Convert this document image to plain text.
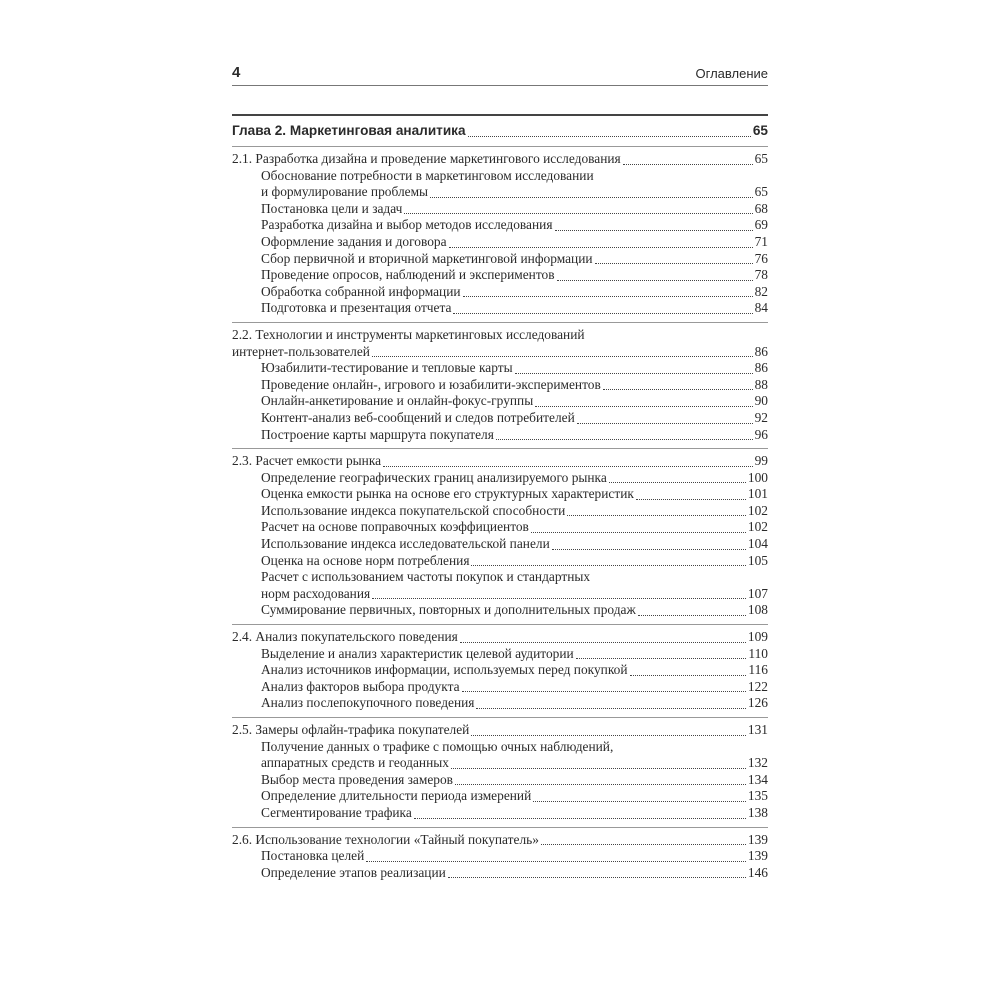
4	Оглавление
Глава 2. Маркетинговая аналитика	65
2.1. Разработка дизайна и проведение маркетингового исследования	65
Обоснование потребности в маркетинговом исследовании
и формулирование проблемы	65
Постановка цели и задач	68
Разработка дизайна и выбор методов исследования	69
Оформление задания и договора	71
Сбор первичной и вторичной маркетинговой информации	76
Проведение опросов, наблюдений и экспериментов	78
Обработка собранной информации	82
Подготовка и презентация отчета	84
2.2. Технологии и инструменты маркетинговых исследований
интернет-пользователей	86
Юзабилити-тестирование и тепловые карты	86
Проведение онлайн-, игрового и юзабилити-экспериментов	88
Онлайн-анкетирование и онлайн-фокус-группы	90
Контент-анализ веб-сообщений и следов потребителей	92
Построение карты маршрута покупателя	96
2.3. Расчет емкости рынка	99
Определение географических границ анализируемого рынка	100
Оценка емкости рынка на основе его структурных характеристик	101
Использование индекса покупательской способности	102
Расчет на основе поправочных коэффициентов	102
Использование индекса исследовательской панели	104
Оценка на основе норм потребления	105
Расчет с использованием частоты покупок и стандартных
норм расходования	107
Суммирование первичных, повторных и дополнительных продаж	108
2.4. Анализ покупательского поведения	109
Выделение и анализ характеристик целевой аудитории	110
Анализ источников информации, используемых перед покупкой	116
Анализ факторов выбора продукта	122
Анализ послепокупочного поведения	126
2.5. Замеры офлайн-трафика покупателей	131
Получение данных о трафике с помощью очных наблюдений,
аппаратных средств и геоданных	132
Выбор места проведения замеров	134
Определение длительности периода измерений	135
Сегментирование трафика	138
2.6. Использование технологии «Тайный покупатель»	139
Постановка целей	139
Определение этапов реализации	146
